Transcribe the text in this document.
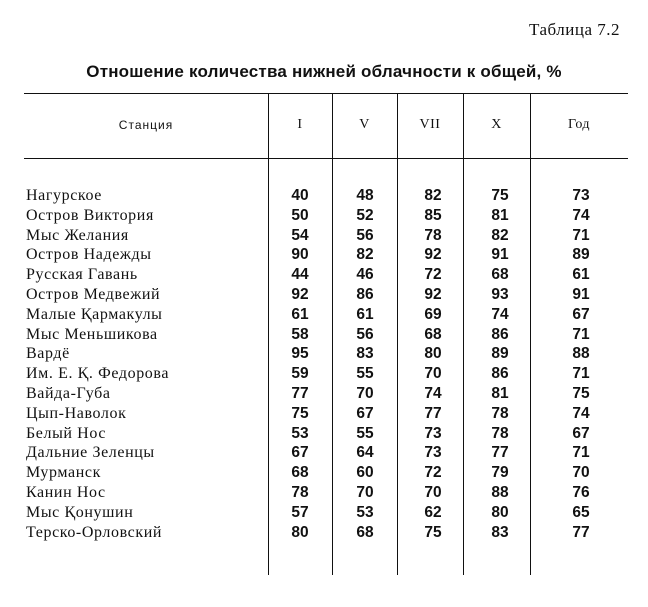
Таблица 7.2
Отношение количества нижней облачности к общей, %
Станция	I	V	VII	X	Год
Нагурское	40	48	82	75	73
Остров Виктория	50	52	85	81	74
Мыс Желания	54	56	78	82	71
Остров Надежды	90	82	92	91	89
Русская Гавань	44	46	72	68	61
Остров Медвежий	92	86	92	93	91
Малые Қармакулы	61	61	69	74	67
Мыс Меньшикова	58	56	68	86	71
Вардё	95	83	80	89	88
Им. Е. Қ. Федорова	59	55	70	86	71
Вайда-Губа	77	70	74	81	75
Цып-Наволок	75	67	77	78	74
Белый Нос	53	55	73	78	67
Дальние Зеленцы	67	64	73	77	71
Мурманск	68	60	72	79	70
Канин Нос	78	70	70	88	76
Мыс Қонушин	57	53	62	80	65
Терско-Орловский	80	68	75	83	77
